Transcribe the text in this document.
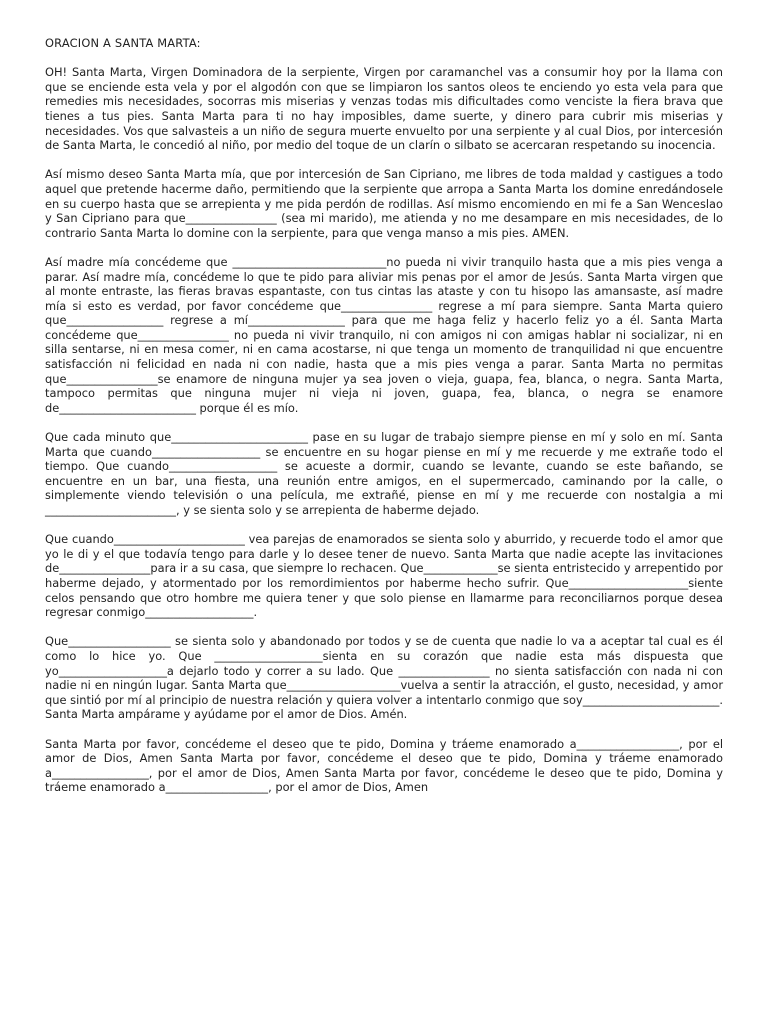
ORACION A SANTA MARTA:

OH! Santa Marta, Virgen Dominadora de la serpiente, Virgen por caramanchel vas a consumir hoy por la llama con que se enciende esta vela y por el algodón con que se limpiaron los santos oleos te enciendo yo esta vela para que remedies mis necesidades, socorras mis miserias y venzas todas mis dificultades como venciste la fiera brava que tienes a tus pies. Santa Marta para ti no hay imposibles, dame suerte, y dinero para cubrir mis miserias y necesidades. Vos que salvasteis a un niño de segura muerte envuelto por una serpiente y al cual Dios, por intercesión de Santa Marta, le concedió al niño, por medio del toque de un clarín o silbato se acercaran respetando su inocencia.

Así mismo deseo Santa Marta mía, que por intercesión de San Cipriano, me libres de toda maldad y castigues a todo aquel que pretende hacerme daño, permitiendo que la serpiente que arropa a Santa Marta los domine enredándosele en su cuerpo hasta que se arrepienta y me pida perdón de rodillas. Así mismo encomiendo en mi fe a San Wenceslao y San Cipriano para que________________ (sea mi marido), me atienda y no me desampare en mis necesidades, de lo contrario Santa Marta lo domine con la serpiente, para que venga manso a mis pies. AMEN.

Así madre mía concédeme que ___________________________no pueda ni vivir tranquilo hasta que a mis pies venga a parar. Así madre mía, concédeme lo que te pido para aliviar mis penas por el amor de Jesús. Santa Marta virgen que al monte entraste, las fieras bravas espantaste, con tus cintas las ataste y con tu hisopo las amansaste, así madre mía si esto es verdad, por favor concédeme que________________ regrese a mí para siempre. Santa Marta quiero que_________________ regrese a mí_________________ para que me haga feliz y hacerlo feliz yo a él. Santa Marta concédeme que________________ no pueda ni vivir tranquilo, ni con amigos ni con amigas hablar ni socializar, ni en silla sentarse, ni en mesa comer, ni en cama acostarse, ni que tenga un momento de tranquilidad ni que encuentre satisfacción ni felicidad en nada ni con nadie, hasta que a mis pies venga a parar. Santa Marta no permitas que________________se enamore de ninguna mujer ya sea joven o vieja, guapa, fea, blanca, o negra. Santa Marta, tampoco permitas que ninguna mujer ni vieja ni joven, guapa, fea, blanca, o negra se enamore de________________________ porque él es mío.

Que cada minuto que________________________ pase en su lugar de trabajo siempre piense en mí y solo en mí. Santa Marta que cuando___________________ se encuentre en su hogar piense en mí y me recuerde y me extrañe todo el tiempo. Que cuando___________________ se acueste a dormir, cuando se levante, cuando se este bañando, se encuentre en un bar, una fiesta, una reunión entre amigos, en el supermercado, caminando por la calle, o simplemente viendo televisión o una película, me extrañé, piense en mí y me recuerde con nostalgia a mi _______________________, y se sienta solo y se arrepienta de haberme dejado.

Que cuando_______________________ vea parejas de enamorados se sienta solo y aburrido, y recuerde todo el amor que yo le di y el que todavía tengo para darle y lo desee tener de nuevo. Santa Marta que nadie acepte las invitaciones de________________para ir a su casa, que siempre lo rechacen. Que_____________se sienta entristecido y arrepentido por haberme dejado, y atormentado por los remordimientos por haberme hecho sufrir. Que_____________________siente celos pensando que otro hombre me quiera tener y que solo piense en llamarme para reconciliarnos porque desea regresar conmigo___________________.

Que__________________ se sienta solo y abandonado por todos y se de cuenta que nadie lo va a aceptar tal cual es él como lo hice yo. Que ___________________sienta en su corazón que nadie esta más dispuesta que yo___________________a dejarlo todo y correr a su lado. Que ________________ no sienta satisfacción con nada ni con nadie ni en ningún lugar. Santa Marta que____________________vuelva a sentir la atracción, el gusto, necesidad, y amor que sintió por mí al principio de nuestra relación y quiera volver a intentarlo conmigo que soy________________________. Santa Marta ampárame y ayúdame por el amor de Dios. Amén.

Santa Marta por favor, concédeme el deseo que te pido, Domina y tráeme enamorado a__________________, por el amor de Dios, Amen Santa Marta por favor, concédeme el deseo que te pido, Domina y tráeme enamorado a_________________, por el amor de Dios, Amen Santa Marta por favor, concédeme le deseo que te pido, Domina y tráeme enamorado a__________________, por el amor de Dios, Amen
